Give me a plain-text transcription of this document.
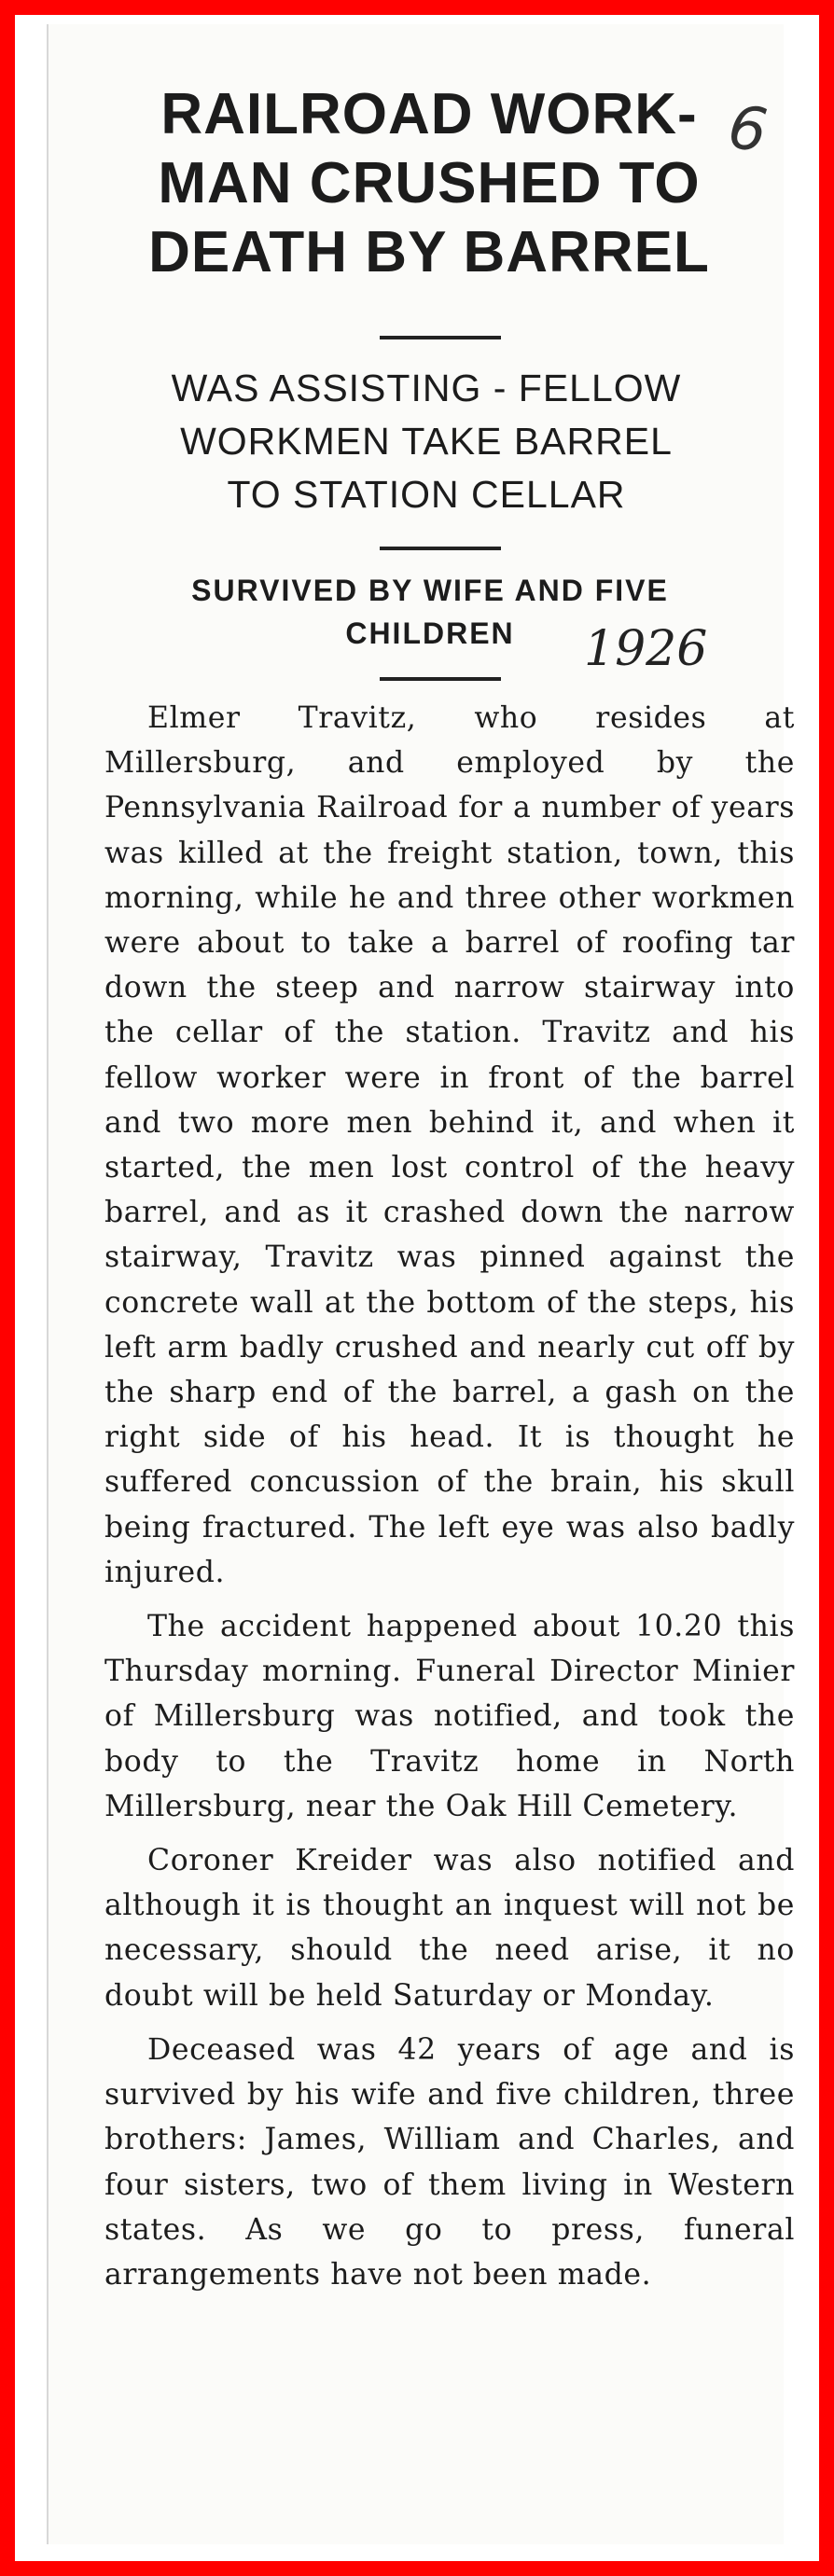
6
RAILROAD WORK-
MAN CRUSHED TO
DEATH BY BARREL
WAS ASSISTING - FELLOW
WORKMEN TAKE BARREL
TO STATION CELLAR
SURVIVED BY WIFE AND FIVE
CHILDREN	1926

Elmer Travitz, who resides at Millersburg, and employed by the Pennsylvania Railroad for a number of years was killed at the freight station, town, this morning, while he and three other workmen were about to take a barrel of roofing tar down the steep and narrow stairway into the cellar of the station. Travitz and his fellow worker were in front of the barrel and two more men behind it, and when it started, the men lost control of the heavy barrel, and as it crashed down the narrow stairway, Travitz was pinned against the concrete wall at the bottom of the steps, his left arm badly crushed and nearly cut off by the sharp end of the barrel, a gash on the right side of his head. It is thought he suffered concussion of the brain, his skull being fractured. The left eye was also badly injured.

The accident happened about 10.20 this Thursday morning. Funeral Director Minier of Millersburg was notified, and took the body to the Travitz home in North Millersburg, near the Oak Hill Cemetery.

Coroner Kreider was also notified and although it is thought an inquest will not be necessary, should the need arise, it no doubt will be held Saturday or Monday.

Deceased was 42 years of age and is survived by his wife and five children, three brothers: James, William and Charles, and four sisters, two of them living in Western states. As we go to press, funeral arrangements have not been made.
